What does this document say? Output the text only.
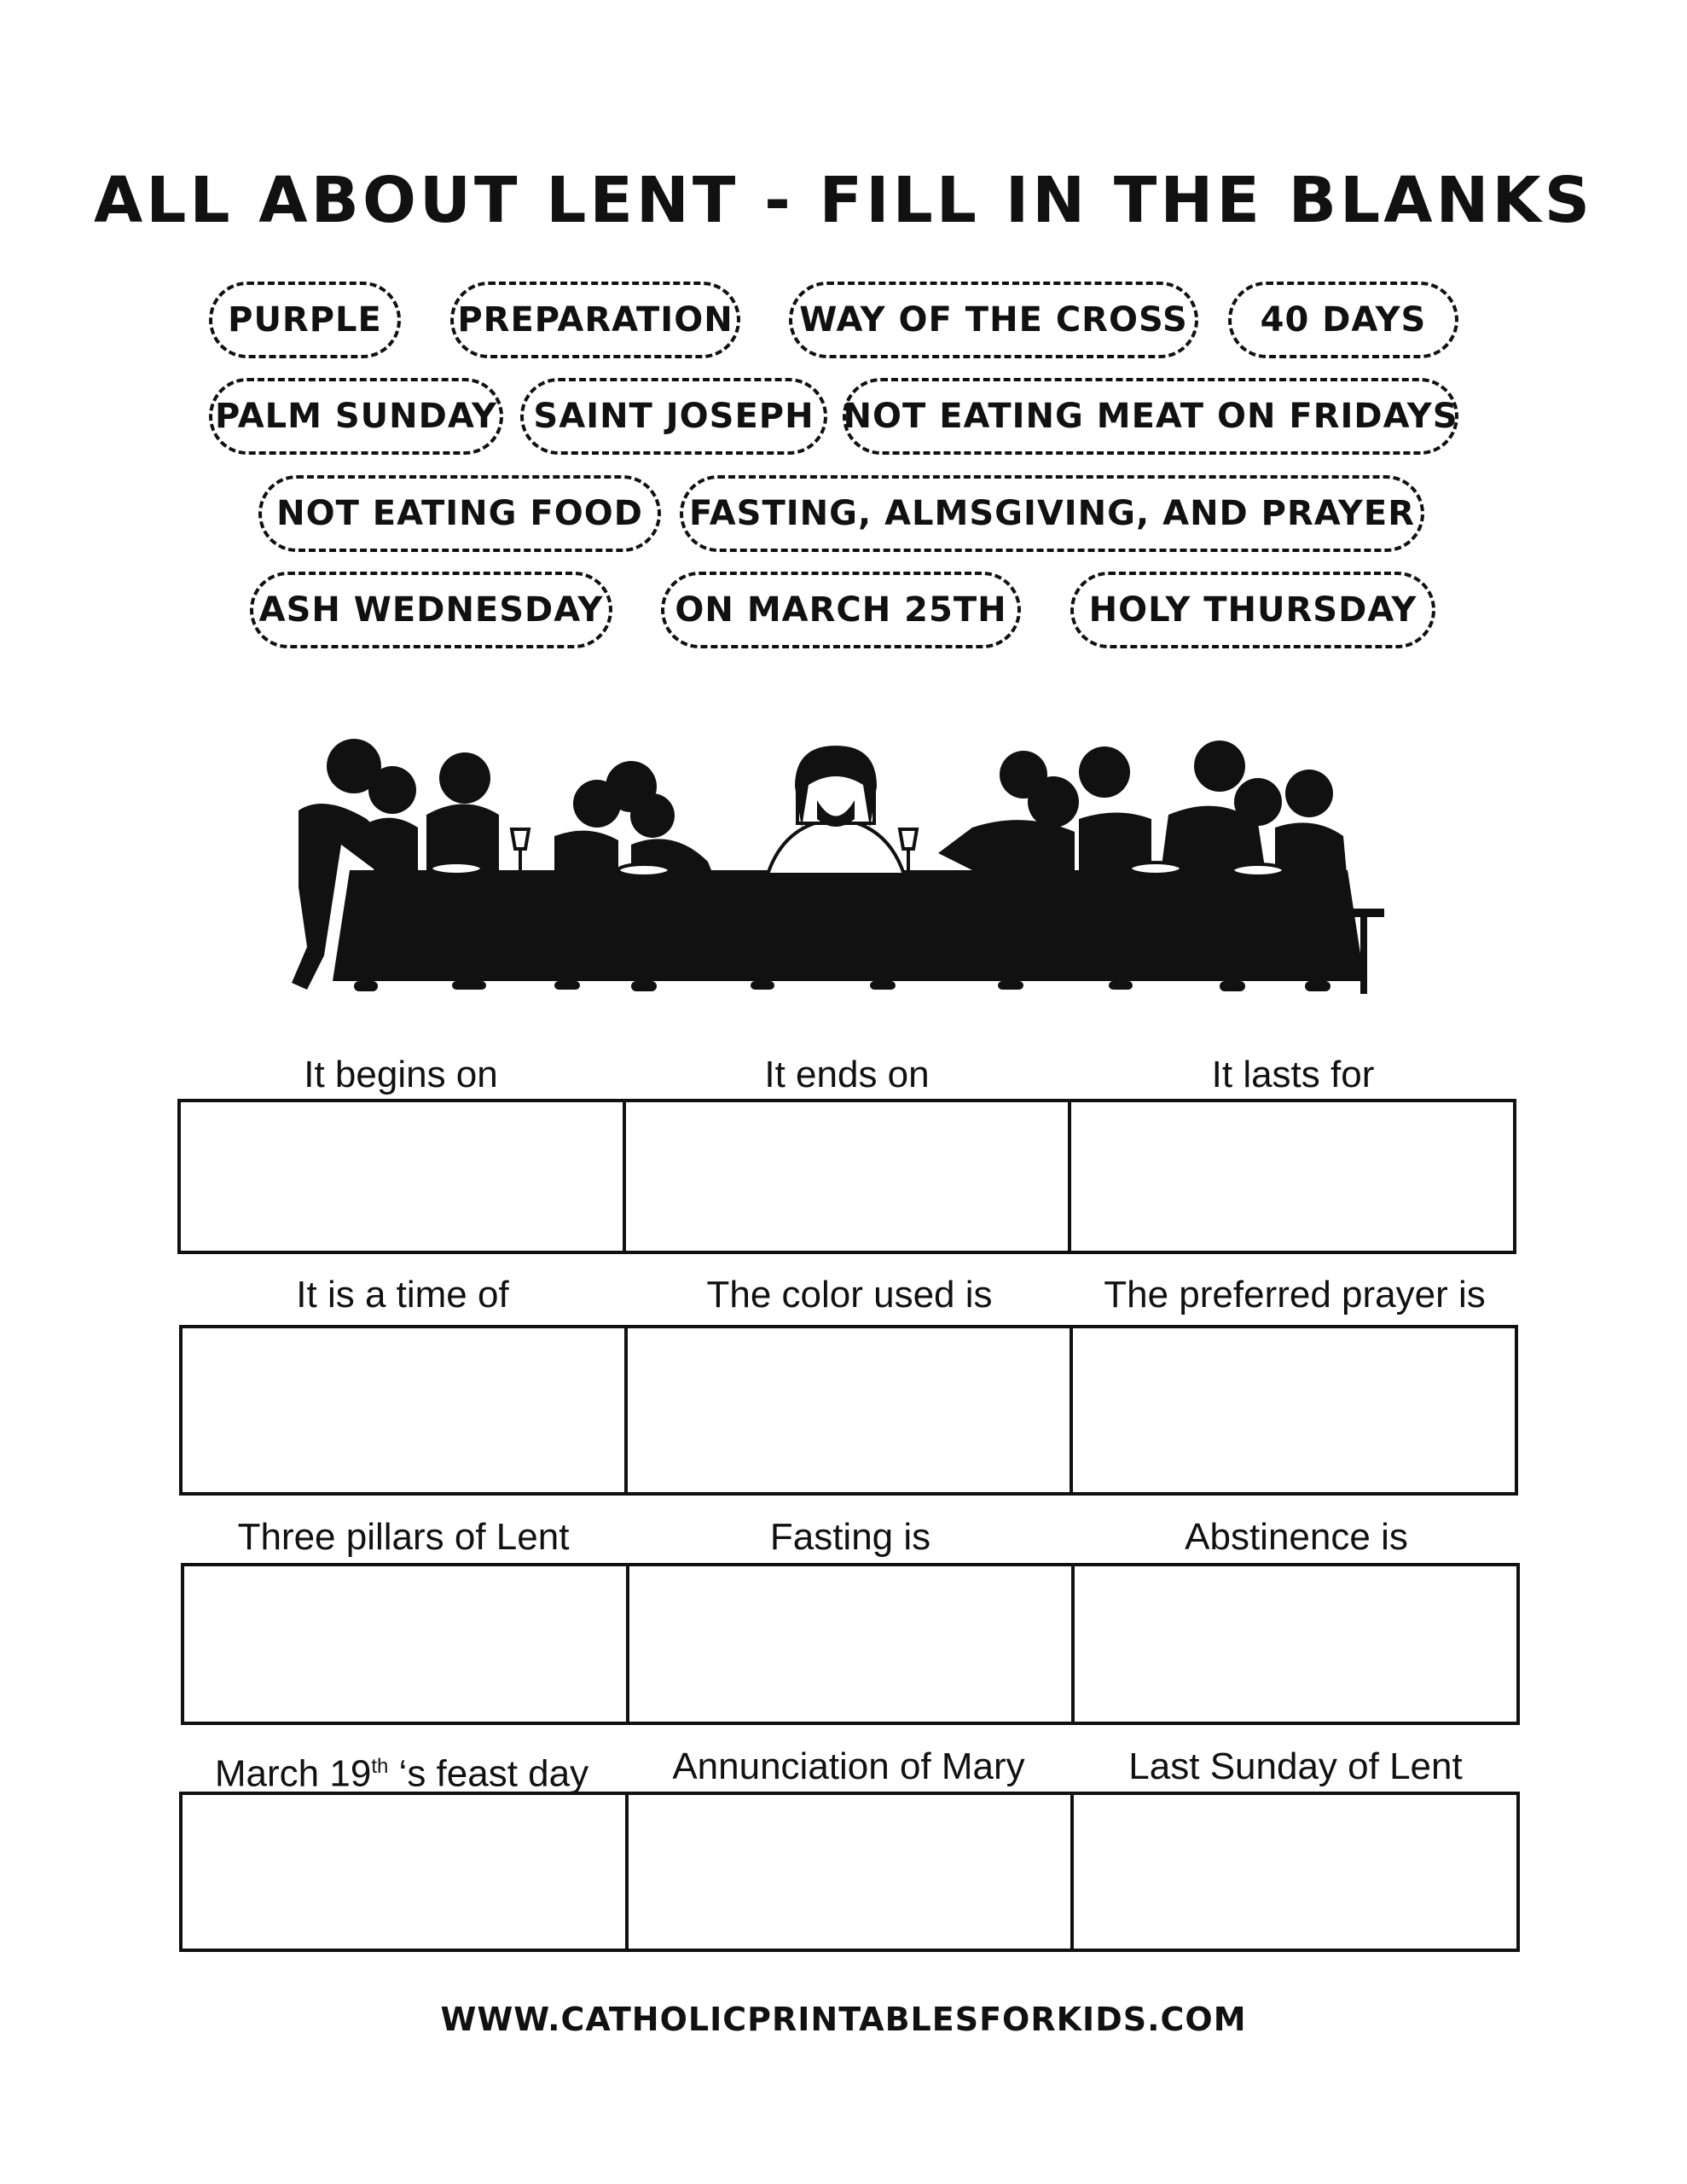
ALL ABOUT LENT - FILL IN THE BLANKS
PURPLE	PREPARATION	WAY OF THE CROSS	40 DAYS
PALM SUNDAY	SAINT JOSEPH NOT EATING MEAT ON FRIDAYS
NOT EATING FOOD	FASTING, ALMSGIVING, AND PRAYER
ASH WEDNESDAY	ON MARCH 25TH	HOLY THURSDAY
It begins on	It ends on	It lasts for
It is a time of	The color used is	The preferred prayer is
Three pillars of Lent	Fasting is	Abstinence is
March 19th ‘s feast day	Annunciation of Mary	Last Sunday of Lent
WWW.CATHOLICPRINTABLESFORKIDS.COM
